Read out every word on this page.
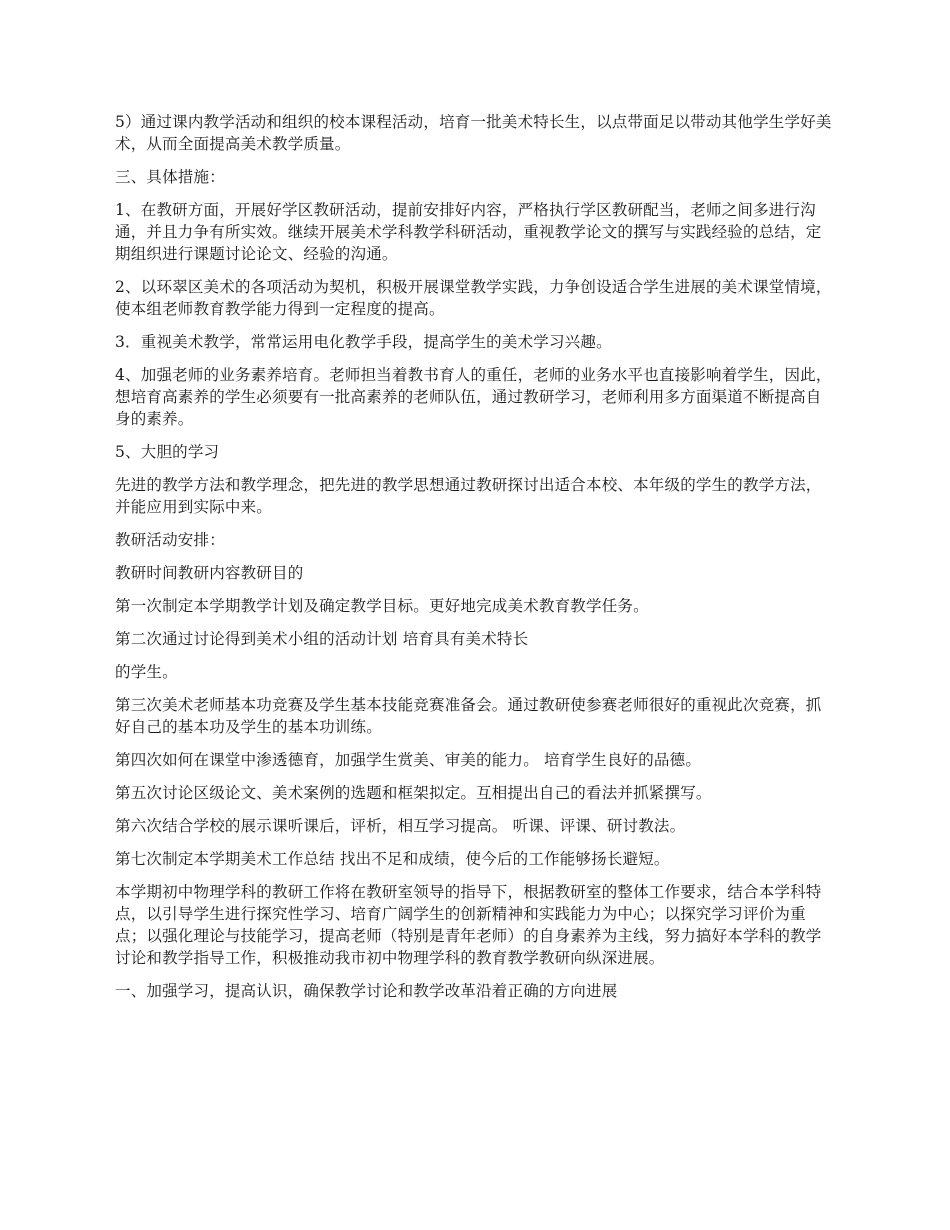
5）通过课内教学活动和组织的校本课程活动，培育一批美术特长生，以点带面足以带动其他学生学好美术，从而全面提高美术教学质量。

三、具体措施：

1、在教研方面，开展好学区教研活动，提前安排好内容，严格执行学区教研配当，老师之间多进行沟通，并且力争有所实效。继续开展美术学科教学科研活动，重视教学论文的撰写与实践经验的总结，定期组织进行课题讨论论文、经验的沟通。

2、以环翠区美术的各项活动为契机，积极开展课堂教学实践，力争创设适合学生进展的美术课堂情境，使本组老师教育教学能力得到一定程度的提高。

3．重视美术教学，常常运用电化教学手段，提高学生的美术学习兴趣。

4、加强老师的业务素养培育。老师担当着教书育人的重任，老师的业务水平也直接影响着学生，因此，想培育高素养的学生必须要有一批高素养的老师队伍，通过教研学习，老师利用多方面渠道不断提高自身的素养。

5、大胆的学习

先进的教学方法和教学理念，把先进的教学思想通过教研探讨出适合本校、本年级的学生的教学方法，并能应用到实际中来。

教研活动安排：

教研时间教研内容教研目的

第一次制定本学期教学计划及确定教学目标。更好地完成美术教育教学任务。

第二次通过讨论得到美术小组的活动计划 培育具有美术特长

的学生。

第三次美术老师基本功竞赛及学生基本技能竞赛准备会。通过教研使参赛老师很好的重视此次竞赛，抓好自己的基本功及学生的基本功训练。

第四次如何在课堂中渗透德育，加强学生赏美、审美的能力。 培育学生良好的品德。

第五次讨论区级论文、美术案例的选题和框架拟定。互相提出自己的看法并抓紧撰写。

第六次结合学校的展示课听课后，评析，相互学习提高。 听课、评课、研讨教法。

第七次制定本学期美术工作总结 找出不足和成绩，使今后的工作能够扬长避短。

本学期初中物理学科的教研工作将在教研室领导的指导下，根据教研室的整体工作要求，结合本学科特点，以引导学生进行探究性学习、培育广阔学生的创新精神和实践能力为中心；以探究学习评价为重点；以强化理论与技能学习，提高老师（特别是青年老师）的自身素养为主线，努力搞好本学科的教学讨论和教学指导工作，积极推动我市初中物理学科的教育教学教研向纵深进展。

一、加强学习，提高认识，确保教学讨论和教学改革沿着正确的方向进展
